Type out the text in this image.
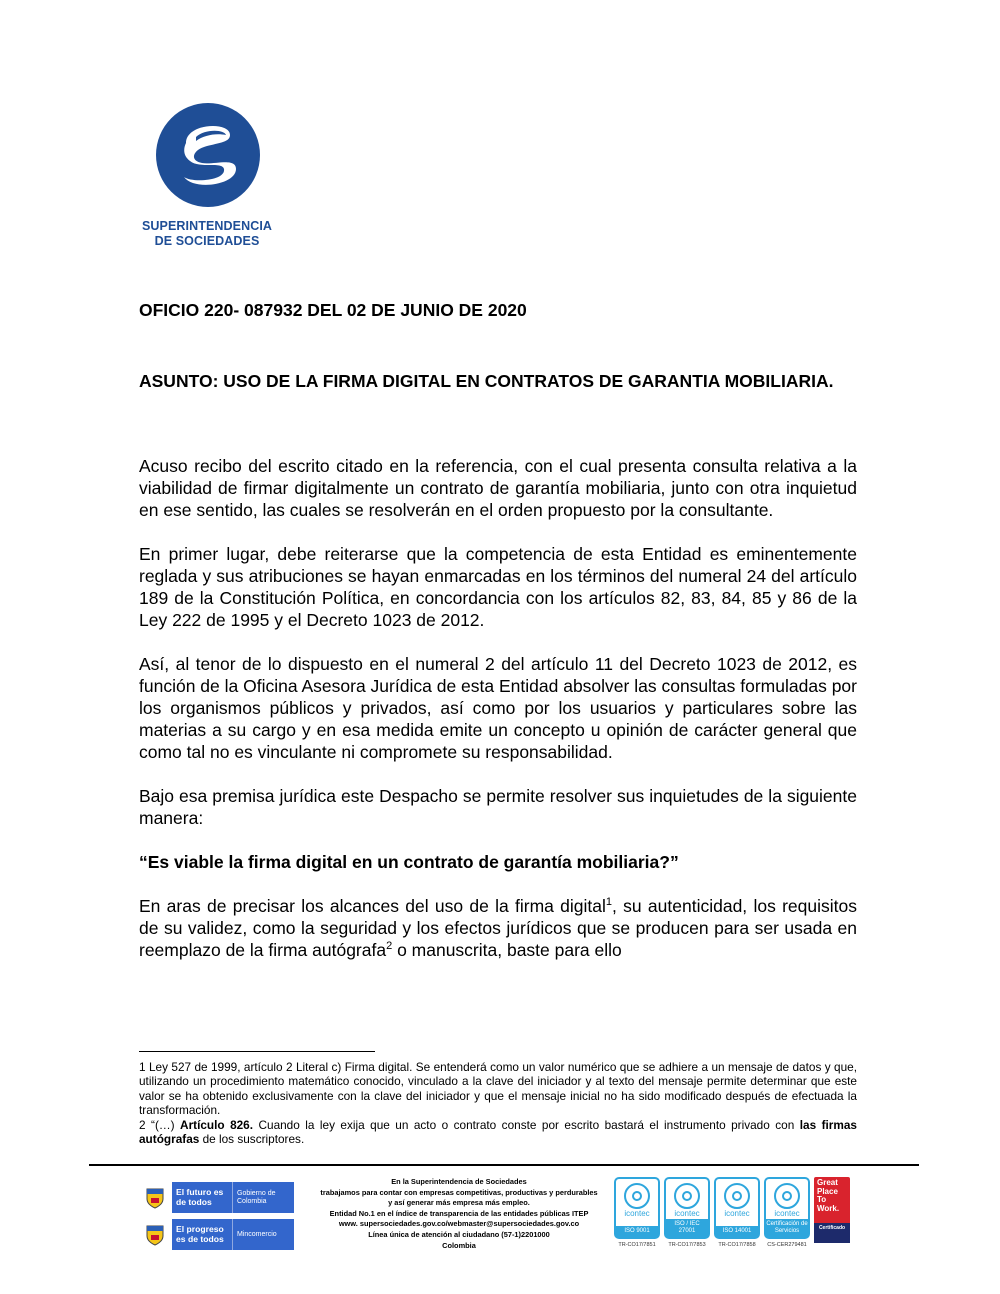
SUPERINTENDENCIA
DE SOCIEDADES
OFICIO 220- 087932 DEL 02 DE JUNIO DE 2020
ASUNTO: USO DE LA FIRMA DIGITAL EN CONTRATOS DE GARANTIA MOBILIARIA.

Acuso recibo del escrito citado en la referencia, con el cual presenta consulta relativa a la viabilidad de firmar digitalmente un contrato de garantía mobiliaria, junto con otra inquietud en ese sentido, las cuales se resolverán en el orden propuesto por la consultante.

En primer lugar, debe reiterarse que la competencia de esta Entidad es eminentemente reglada y sus atribuciones se hayan enmarcadas en los términos del numeral 24 del artículo 189 de la Constitución Política, en concordancia con los artículos 82, 83, 84, 85 y 86 de la Ley 222 de 1995 y el Decreto 1023 de 2012.

Así, al tenor de lo dispuesto en el numeral 2 del artículo 11 del Decreto 1023 de 2012, es función de la Oficina Asesora Jurídica de esta Entidad absolver las consultas formuladas por los organismos públicos y privados, así como por los usuarios y particulares sobre las materias a su cargo y en esa medida emite un concepto u opinión de carácter general que como tal no es vinculante ni compromete su responsabilidad.

Bajo esa premisa jurídica este Despacho se permite resolver sus inquietudes de la siguiente manera:

“Es viable la firma digital en un contrato de garantía mobiliaria?”

En aras de precisar los alcances del uso de la firma digital$^1$, su autenticidad, los requisitos de su validez, como la seguridad y los efectos jurídicos que se producen para ser usada en reemplazo de la firma autógrafa$^2$ o manuscrita, baste para ello

1 Ley 527 de 1999, artículo 2 Literal c) Firma digital. Se entenderá como un valor numérico que se adhiere a un mensaje de datos y que, utilizando un procedimiento matemático conocido, vinculado a la clave del iniciador y al texto del mensaje permite determinar que este valor se ha obtenido exclusivamente con la clave del iniciador y que el mensaje inicial no ha sido modificado después de efectuada la transformación.

2 “(…) Artículo 826. Cuando la ley exija que un acto o contrato conste por escrito bastará el instrumento privado con las firmas autógrafas de los suscriptores.

El futuro es de todos
Gobierno de Colombia
El progreso es de todos	Mincomercio
En la Superintendencia de Sociedades
trabajamos para contar con empresas competitivas, productivas y perdurables
y así generar más empresa más empleo.
Entidad No.1 en el índice de transparencia de las entidades públicas ITEP
www. supersociedades.gov.co/webmaster@supersociedades.gov.co
Línea única de atención al ciudadano (57-1)2201000
Colombia
icontec
ISO 9001
TR-CO17/7851
icontec
ISO / IEC 27001
TR-CO17/7853
icontec
ISO 14001
TR-CO17/7858
icontec
Certificación de Servicios
CS-CER279481
Great Place To Work.
Certificado
